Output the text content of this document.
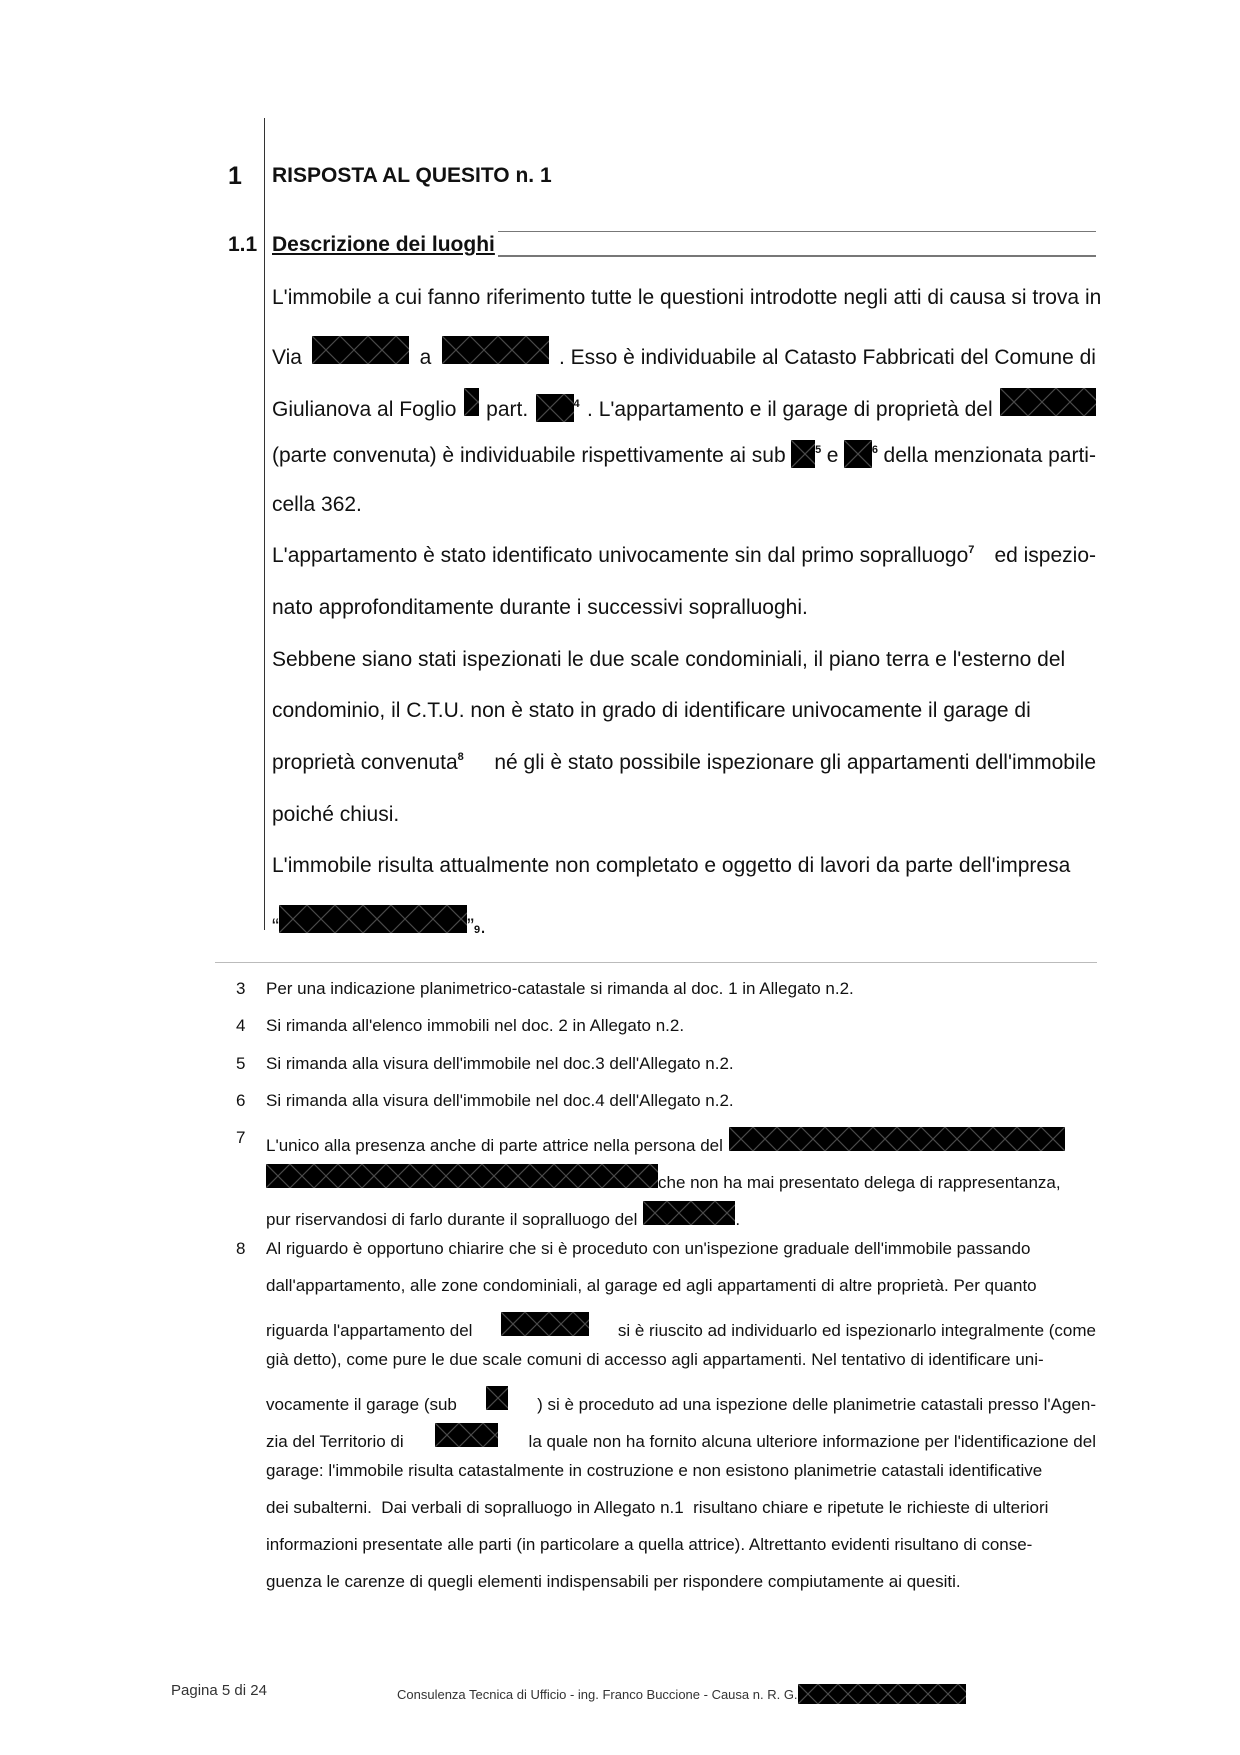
1 RISPOSTA AL QUESITO n. 1
1.1 Descrizione dei luoghi
L'immobile a cui fanno riferimento tutte le questioni introdotte negli atti di causa si trova in
Via	a	. Esso è individuabile al Catasto Fabbricati del Comune di
Giulianova al Foglio part.	$^4$ . L'appartamento e il garage di proprietà del
(parte convenuta) è individuabile rispettivamente ai sub	$^5$ e	$^6$ della menzionata parti-
cella 362.
L'appartamento è stato identificato univocamente sin dal primo sopralluogo$^7$ ed ispezio-
nato approfonditamente durante i successivi sopralluoghi.
Sebbene siano stati ispezionati le due scale condominiali, il piano terra e l'esterno del
condominio, il C.T.U. non è stato in grado di identificare univocamente il garage di
proprietà convenuta$^8$ né gli è stato possibile ispezionare gli appartamenti dell'immobile
poiché chiusi.
L'immobile risulta attualmente non completato e oggetto di lavori da parte dell'impresa
“	” 9 .
3 Per una indicazione planimetrico-catastale si rimanda al doc. 1 in Allegato n.2.
4 Si rimanda all'elenco immobili nel doc. 2 in Allegato n.2.
5 Si rimanda alla visura dell'immobile nel doc.3 dell'Allegato n.2.
6 Si rimanda alla visura dell'immobile nel doc.4 dell'Allegato n.2.
7 L'unico alla presenza anche di parte attrice nella persona del
che non ha mai presentato delega di rappresentanza,
pur riservandosi di farlo durante il sopralluogo del	.
8 Al riguardo è opportuno chiarire che si è proceduto con un'ispezione graduale dell'immobile passando
dall'appartamento, alle zone condominiali, al garage ed agli appartamenti di altre proprietà. Per quanto
riguarda l'appartamento del	si è riuscito ad individuarlo ed ispezionarlo integralmente (come
già detto), come pure le due scale comuni di accesso agli appartamenti. Nel tentativo di identificare uni-
vocamente il garage (sub	) si è proceduto ad una ispezione delle planimetrie catastali presso l'Agen-
zia del Territorio di	la quale non ha fornito alcuna ulteriore informazione per l'identificazione del
garage: l'immobile risulta catastalmente in costruzione e non esistono planimetrie catastali identificative
dei subalterni.  Dai verbali di sopralluogo in Allegato n.1  risultano chiare e ripetute le richieste di ulteriori
informazioni presentate alle parti (in particolare a quella attrice). Altrettanto evidenti risultano di conse-
guenza le carenze di quegli elementi indispensabili per rispondere compiutamente ai quesiti.
Pagina 5 di 24	Consulenza Tecnica di Ufficio - ing. Franco Buccione - Causa n. R. G.
